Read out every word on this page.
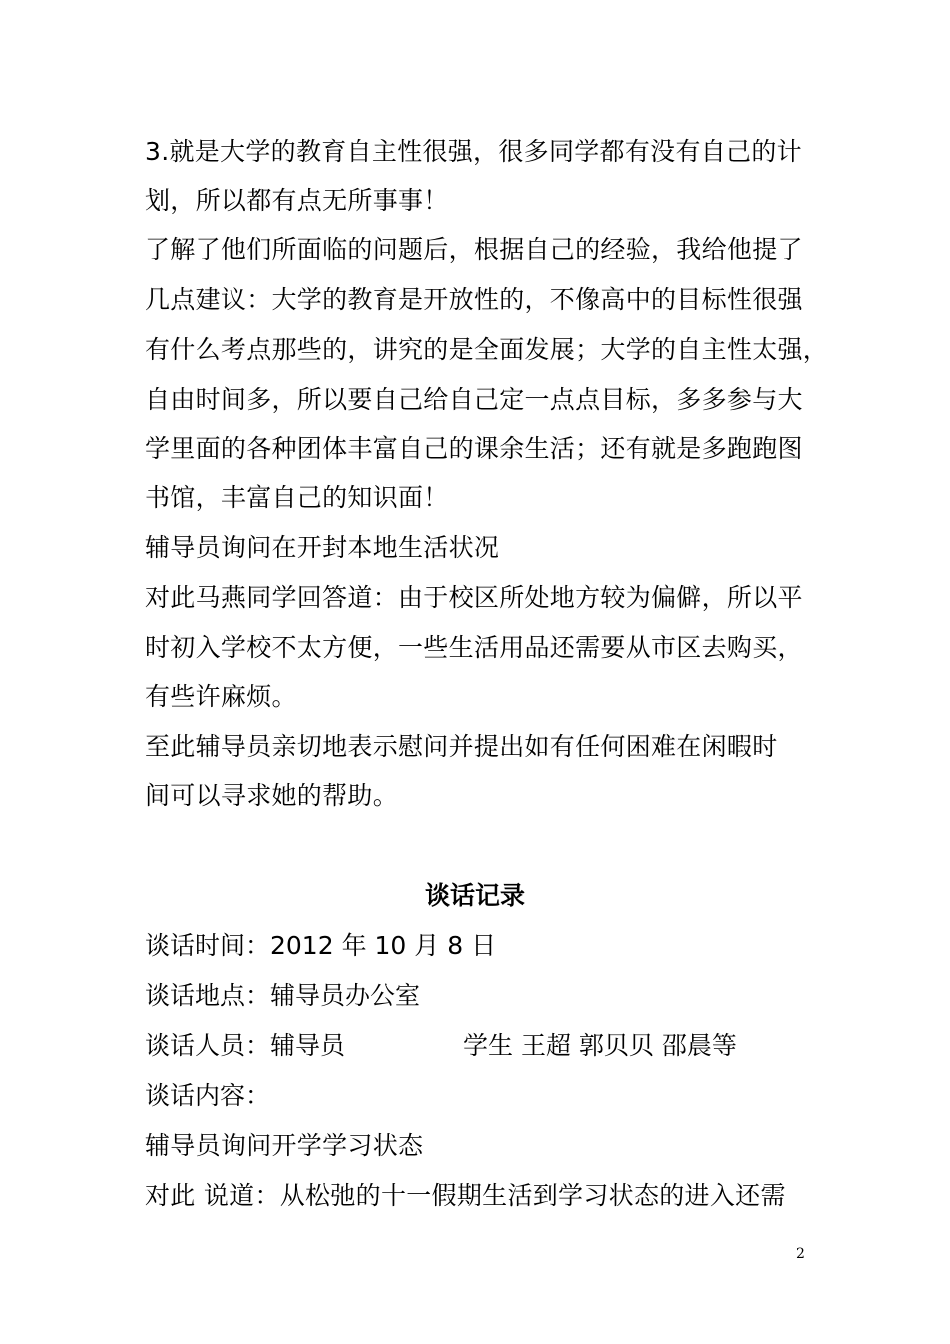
3.就是大学的教育自主性很强，很多同学都有没有自己的计
划，所以都有点无所事事！
了解了他们所面临的问题后，根据自己的经验，我给他提了
几点建议：大学的教育是开放性的，不像高中的目标性很强
有什么考点那些的，讲究的是全面发展；大学的自主性太强，
自由时间多，所以要自己给自己定一点点目标，多多参与大
学里面的各种团体丰富自己的课余生活；还有就是多跑跑图
书馆，丰富自己的知识面！
辅导员询问在开封本地生活状况
对此马燕同学回答道：由于校区所处地方较为偏僻，所以平
时初入学校不太方便，一些生活用品还需要从市区去购买，
有些许麻烦。
至此辅导员亲切地表示慰问并提出如有任何困难在闲暇时
间可以寻求她的帮助。
谈话记录
谈话时间：2012 年 10 月 8 日
谈话地点：辅导员办公室
谈话人员：辅导员	学生 王超 郭贝贝 邵晨等
谈话内容：
辅导员询问开学学习状态
对此 说道：从松弛的十一假期生活到学习状态的进入还需
2
